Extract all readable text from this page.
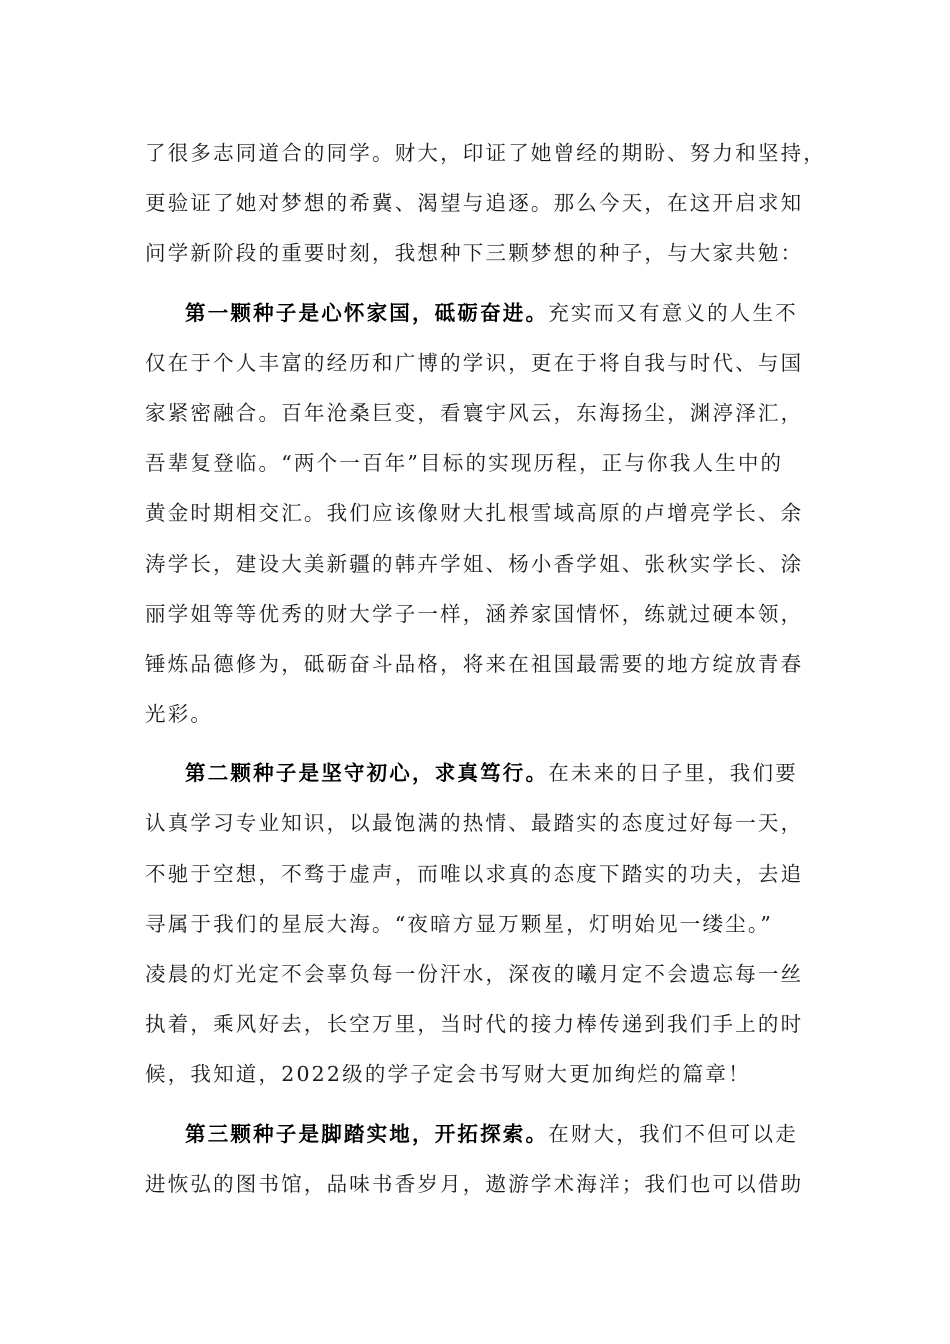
了很多志同道合的同学。财大，印证了她曾经的期盼、努力和坚持，
更验证了她对梦想的希冀、渴望与追逐。那么今天，在这开启求知
问学新阶段的重要时刻，我想种下三颗梦想的种子，与大家共勉：
第一颗种子是心怀家国，砥砺奋进。充实而又有意义的人生不
仅在于个人丰富的经历和广博的学识，更在于将自我与时代、与国
家紧密融合。百年沧桑巨变，看寰宇风云，东海扬尘，渊渟泽汇，
吾辈复登临。“两个一百年”目标的实现历程，正与你我人生中的
黄金时期相交汇。我们应该像财大扎根雪域高原的卢增亮学长、余
涛学长，建设大美新疆的韩卉学姐、杨小香学姐、张秋实学长、涂
丽学姐等等优秀的财大学子一样，涵养家国情怀，练就过硬本领，
锤炼品德修为，砥砺奋斗品格，将来在祖国最需要的地方绽放青春
光彩。
第二颗种子是坚守初心，求真笃行。在未来的日子里，我们要
认真学习专业知识，以最饱满的热情、最踏实的态度过好每一天，
不驰于空想，不骛于虚声，而唯以求真的态度下踏实的功夫，去追
寻属于我们的星辰大海。“夜暗方显万颗星，灯明始见一缕尘。”
凌晨的灯光定不会辜负每一份汗水，深夜的曦月定不会遗忘每一丝
执着，乘风好去，长空万里，当时代的接力棒传递到我们手上的时
候，我知道，2022级的学子定会书写财大更加绚烂的篇章！
第三颗种子是脚踏实地，开拓探索。在财大，我们不但可以走
进恢弘的图书馆，品味书香岁月，遨游学术海洋；我们也可以借助
